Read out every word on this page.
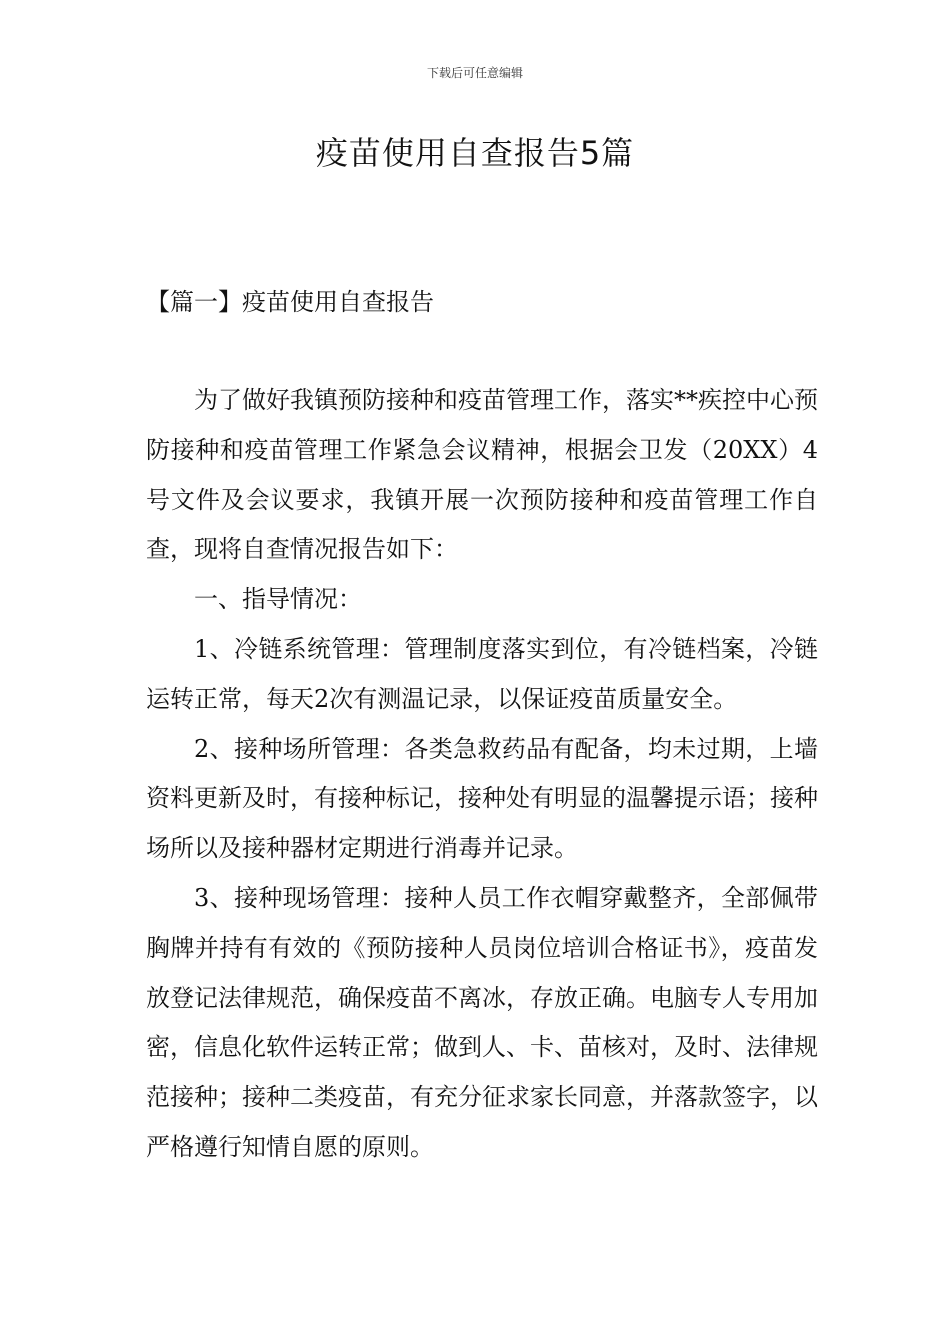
下载后可任意编辑
疫苗使用自查报告5篇
【篇一】疫苗使用自查报告

为了做好我镇预防接种和疫苗管理工作，落实**疾控中心预防接种和疫苗管理工作紧急会议精神，根据会卫发（20XX）4号文件及会议要求，我镇开展一次预防接种和疫苗管理工作自查，现将自查情况报告如下：

一、指导情况：

1、冷链系统管理：管理制度落实到位，有冷链档案，冷链运转正常，每天2次有测温记录，以保证疫苗质量安全。

2、接种场所管理：各类急救药品有配备，均未过期，上墙资料更新及时，有接种标记，接种处有明显的温馨提示语；接种场所以及接种器材定期进行消毒并记录。

3、接种现场管理：接种人员工作衣帽穿戴整齐，全部佩带胸牌并持有有效的《预防接种人员岗位培训合格证书》，疫苗发放登记法律规范，确保疫苗不离冰，存放正确。电脑专人专用加密，信息化软件运转正常；做到人、卡、苗核对，及时、法律规范接种；接种二类疫苗，有充分征求家长同意，并落款签字，以严格遵行知情自愿的原则。
